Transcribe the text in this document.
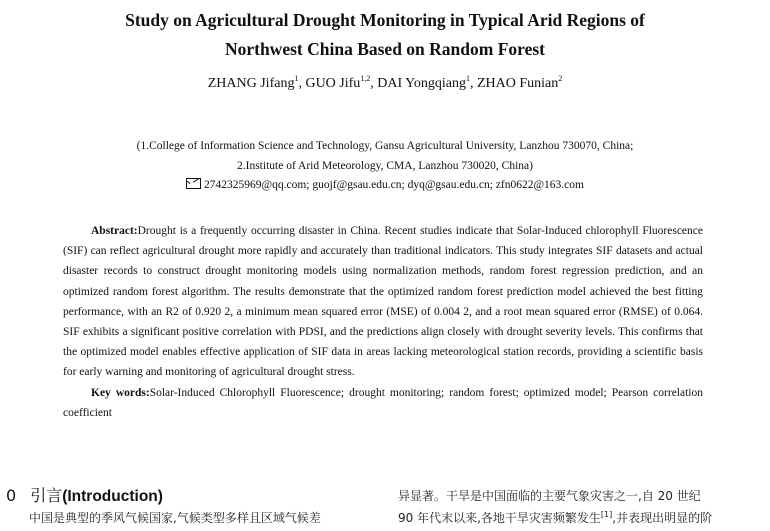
Study on Agricultural Drought Monitoring in Typical Arid Regions of
Northwest China Based on Random Forest
ZHANG Jifang$^1$, GUO Jifu$^{1,2}$, DAI Yongqiang$^1$, ZHAO Funian$^2$
(1.College of Information Science and Technology, Gansu Agricultural University, Lanzhou 730070, China;
2.Institute of Arid Meteorology, CMA, Lanzhou 730020, China)
2742325969@qq.com; guojf@gsau.edu.cn; dyq@gsau.edu.cn; zfn0622@163.com

Abstract:Drought is a frequently occurring disaster in China. Recent studies indicate that Solar-Induced chlorophyll Fluorescence (SIF) can reflect agricultural drought more rapidly and accurately than traditional indicators. This study integrates SIF datasets and actual disaster records to construct drought monitoring models using normalization methods, random forest regression prediction, and an optimized random forest algorithm. The results demonstrate that the optimized random forest prediction model achieved the best fitting performance, with an R2 of 0.920 2, a minimum mean squared error (MSE) of 0.004 2, and a root mean squared error (RMSE) of 0.064. SIF exhibits a significant positive correlation with PDSI, and the predictions align closely with drought severity levels. This confirms that the optimized model enables effective application of SIF data in areas lacking meteorological station records, providing a scientific basis for early warning and monitoring of agricultural drought stress.

Key words:Solar-Induced Chlorophyll Fluorescence; drought monitoring; random forest; optimized model; Pearson correlation coefficient

0 引言(Introduction)
中国是典型的季风气候国家,气候类型多样且区域气候差
异显著。干旱是中国面临的主要气象灾害之一,自 20 世纪
90 年代末以来,各地干旱灾害频繁发生[1],并表现出明显的阶
